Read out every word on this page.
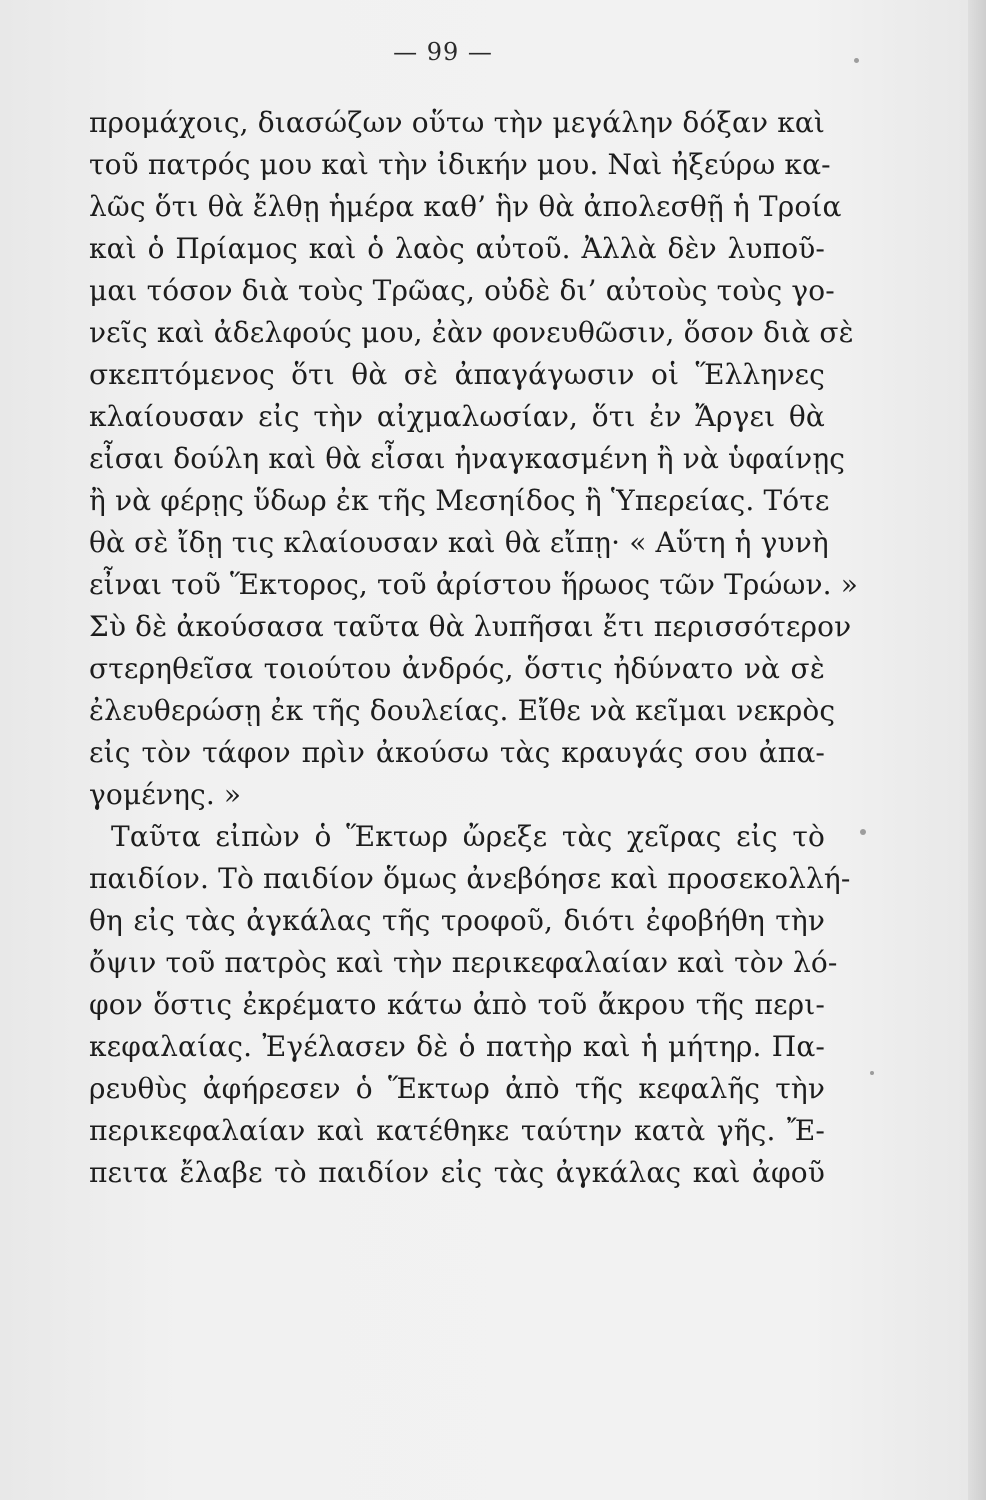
— 99 —
προμάχοις, διασώζων οὕτω τὴν μεγάλην δόξαν καὶ
τοῦ πατρός μου καὶ τὴν ἰδικήν μου. Ναὶ ἠξεύρω κα-
λῶς ὅτι θὰ ἔλθῃ ἡμέρα καθ’ ἣν θὰ ἀπολεσθῇ ἡ Τροία
καὶ ὁ Πρίαμος καὶ ὁ λαὸς αὐτοῦ. Ἀλλὰ δὲν λυποῦ-
μαι τόσον διὰ τοὺς Τρῶας, οὐδὲ δι’ αὐτοὺς τοὺς γο-
νεῖς καὶ ἀδελφούς μου, ἐὰν φονευθῶσιν, ὅσον διὰ σὲ
σκεπτόμενος ὅτι θὰ σὲ ἀπαγάγωσιν οἱ Ἕλληνες
κλαίουσαν εἰς τὴν αἰχμαλωσίαν, ὅτι ἐν Ἄργει θὰ
εἶσαι δούλη καὶ θὰ εἶσαι ἠναγκασμένη ἢ νὰ ὑφαίνῃς
ἢ νὰ φέρῃς ὕδωρ ἐκ τῆς Μεσηίδος ἢ Ὑπερείας. Τότε
θὰ σὲ ἴδῃ τις κλαίουσαν καὶ θὰ εἴπῃ· « Αὕτη ἡ γυνὴ
εἶναι τοῦ Ἕκτορος, τοῦ ἀρίστου ἥρωος τῶν Τρώων. »
Σὺ δὲ ἀκούσασα ταῦτα θὰ λυπῆσαι ἔτι περισσότερον
στερηθεῖσα τοιούτου ἀνδρός, ὅστις ἠδύνατο νὰ σὲ
ἐλευθερώσῃ ἐκ τῆς δουλείας. Εἴθε νὰ κεῖμαι νεκρὸς
εἰς τὸν τάφον πρὶν ἀκούσω τὰς κραυγάς σου ἀπα-
γομένης. »
Ταῦτα εἰπὼν ὁ Ἕκτωρ ὤρεξε τὰς χεῖρας εἰς τὸ
παιδίον. Τὸ παιδίον ὅμως ἀνεβόησε καὶ προσεκολλή-
θη εἰς τὰς ἀγκάλας τῆς τροφοῦ, διότι ἐφοβήθη τὴν
ὄψιν τοῦ πατρὸς καὶ τὴν περικεφαλαίαν καὶ τὸν λό-
φον ὅστις ἐκρέματο κάτω ἀπὸ τοῦ ἄκρου τῆς περι-
κεφαλαίας. Ἐγέλασεν δὲ ὁ πατὴρ καὶ ἡ μήτηρ. Πα-
ρευθὺς ἀφήρεσεν ὁ Ἕκτωρ ἀπὸ τῆς κεφαλῆς τὴν
περικεφαλαίαν καὶ κατέθηκε ταύτην κατὰ γῆς. Ἔ-
πειτα ἔλαβε τὸ παιδίον εἰς τὰς ἀγκάλας καὶ ἀφοῦ
